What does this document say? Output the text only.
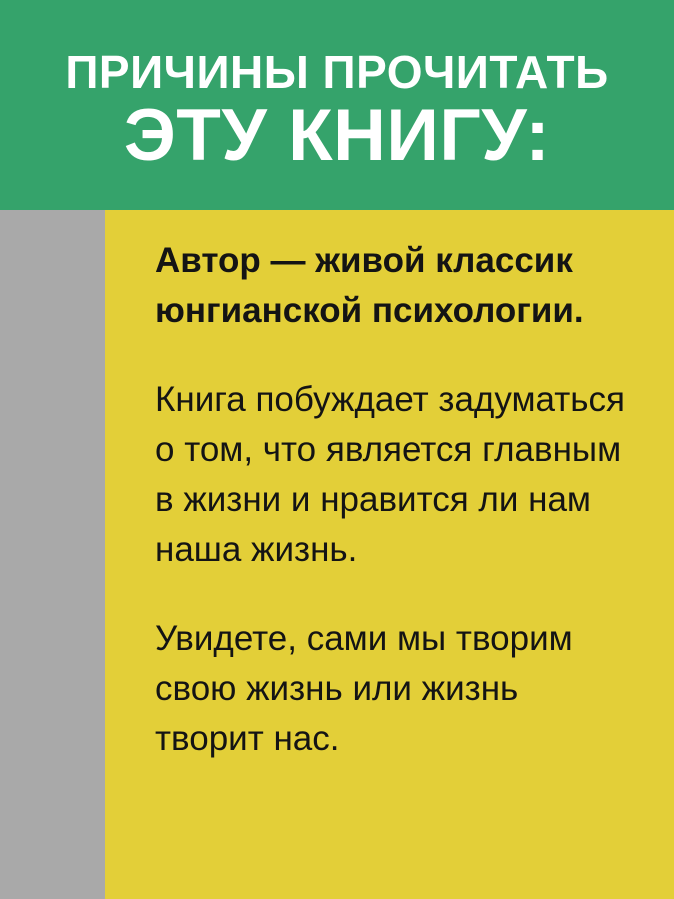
ПРИЧИНЫ ПРОЧИТАТЬ
ЭТУ КНИГУ:
Автор — живой классик
юнгианской психологии.
Книга побуждает задуматься
о том, что является главным
в жизни и нравится ли нам
наша жизнь.
Увидете, сами мы творим
свою жизнь или жизнь
творит нас.
